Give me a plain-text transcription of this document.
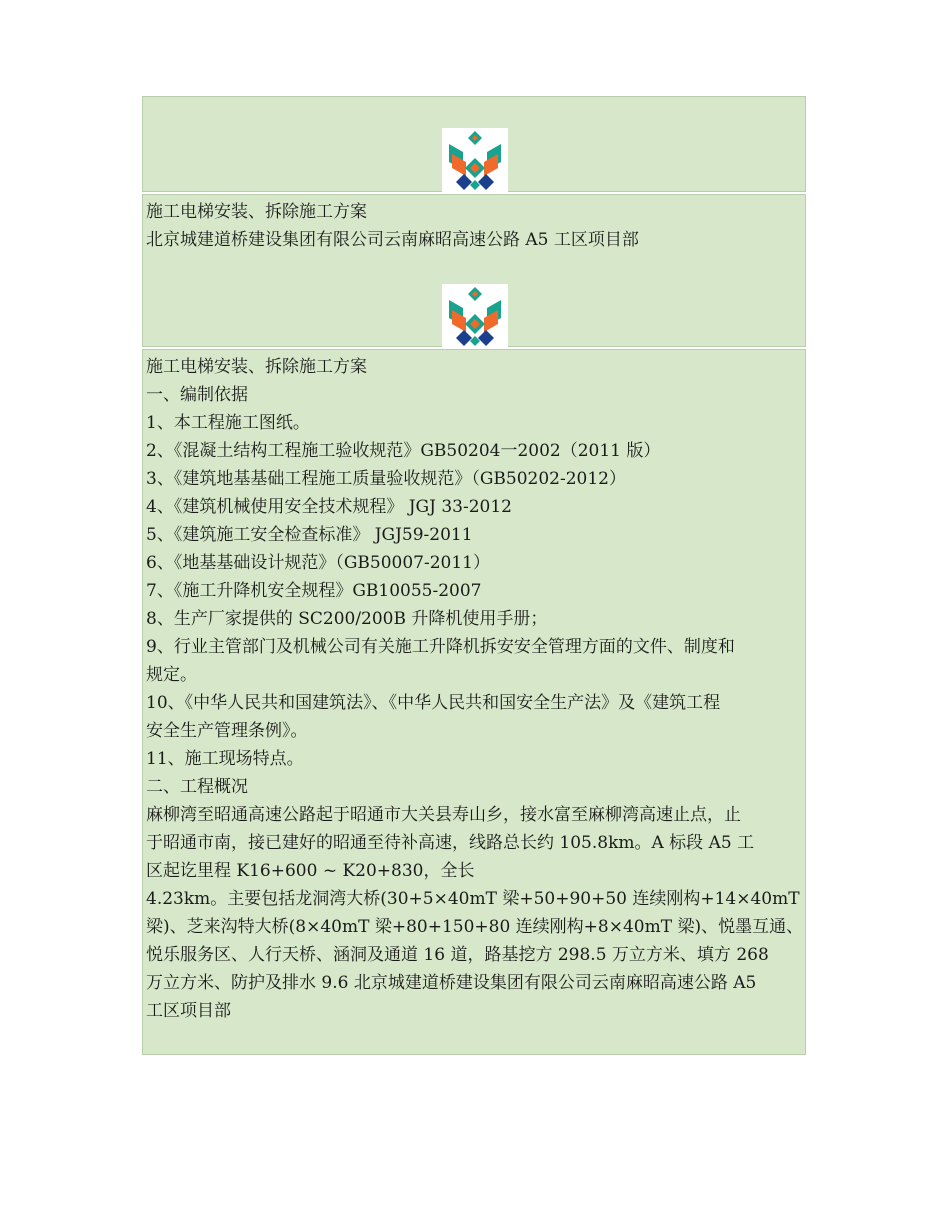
施工电梯安装、拆除施工方案
北京城建道桥建设集团有限公司云南麻昭高速公路 A5 工区项目部
施工电梯安装、拆除施工方案
一、编制依据
1、本工程施工图纸。
2、《混凝土结构工程施工验收规范》GB50204一2002（2011 版）
3、《建筑地基基础工程施工质量验收规范》（GB50202-2012）
4、《建筑机械使用安全技术规程》 JGJ 33-2012
5、《建筑施工安全检查标准》 JGJ59-2011
6、《地基基础设计规范》（GB50007-2011）
7、《施工升降机安全规程》GB10055-2007
8、生产厂家提供的 SC200/200B 升降机使用手册；
9、行业主管部门及机械公司有关施工升降机拆安安全管理方面的文件、制度和
规定。
10、《中华人民共和国建筑法》、《中华人民共和国安全生产法》及《建筑工程
安全生产管理条例》。
11、施工现场特点。
二、工程概况
麻柳湾至昭通高速公路起于昭通市大关县寿山乡，接水富至麻柳湾高速止点，止
于昭通市南，接已建好的昭通至待补高速，线路总长约 105.8km。A 标段 A5 工
区起讫里程 K16+600 ~ K20+830，全长
4.23km。主要包括龙洞湾大桥(30+5×40mT 梁+50+90+50 连续刚构+14×40mT
梁)、芝来沟特大桥(8×40mT 梁+80+150+80 连续刚构+8×40mT 梁)、悦墨互通、
悦乐服务区、人行天桥、涵洞及通道 16 道，路基挖方 298.5 万立方米、填方 268
万立方米、防护及排水 9.6 北京城建道桥建设集团有限公司云南麻昭高速公路 A5
工区项目部
